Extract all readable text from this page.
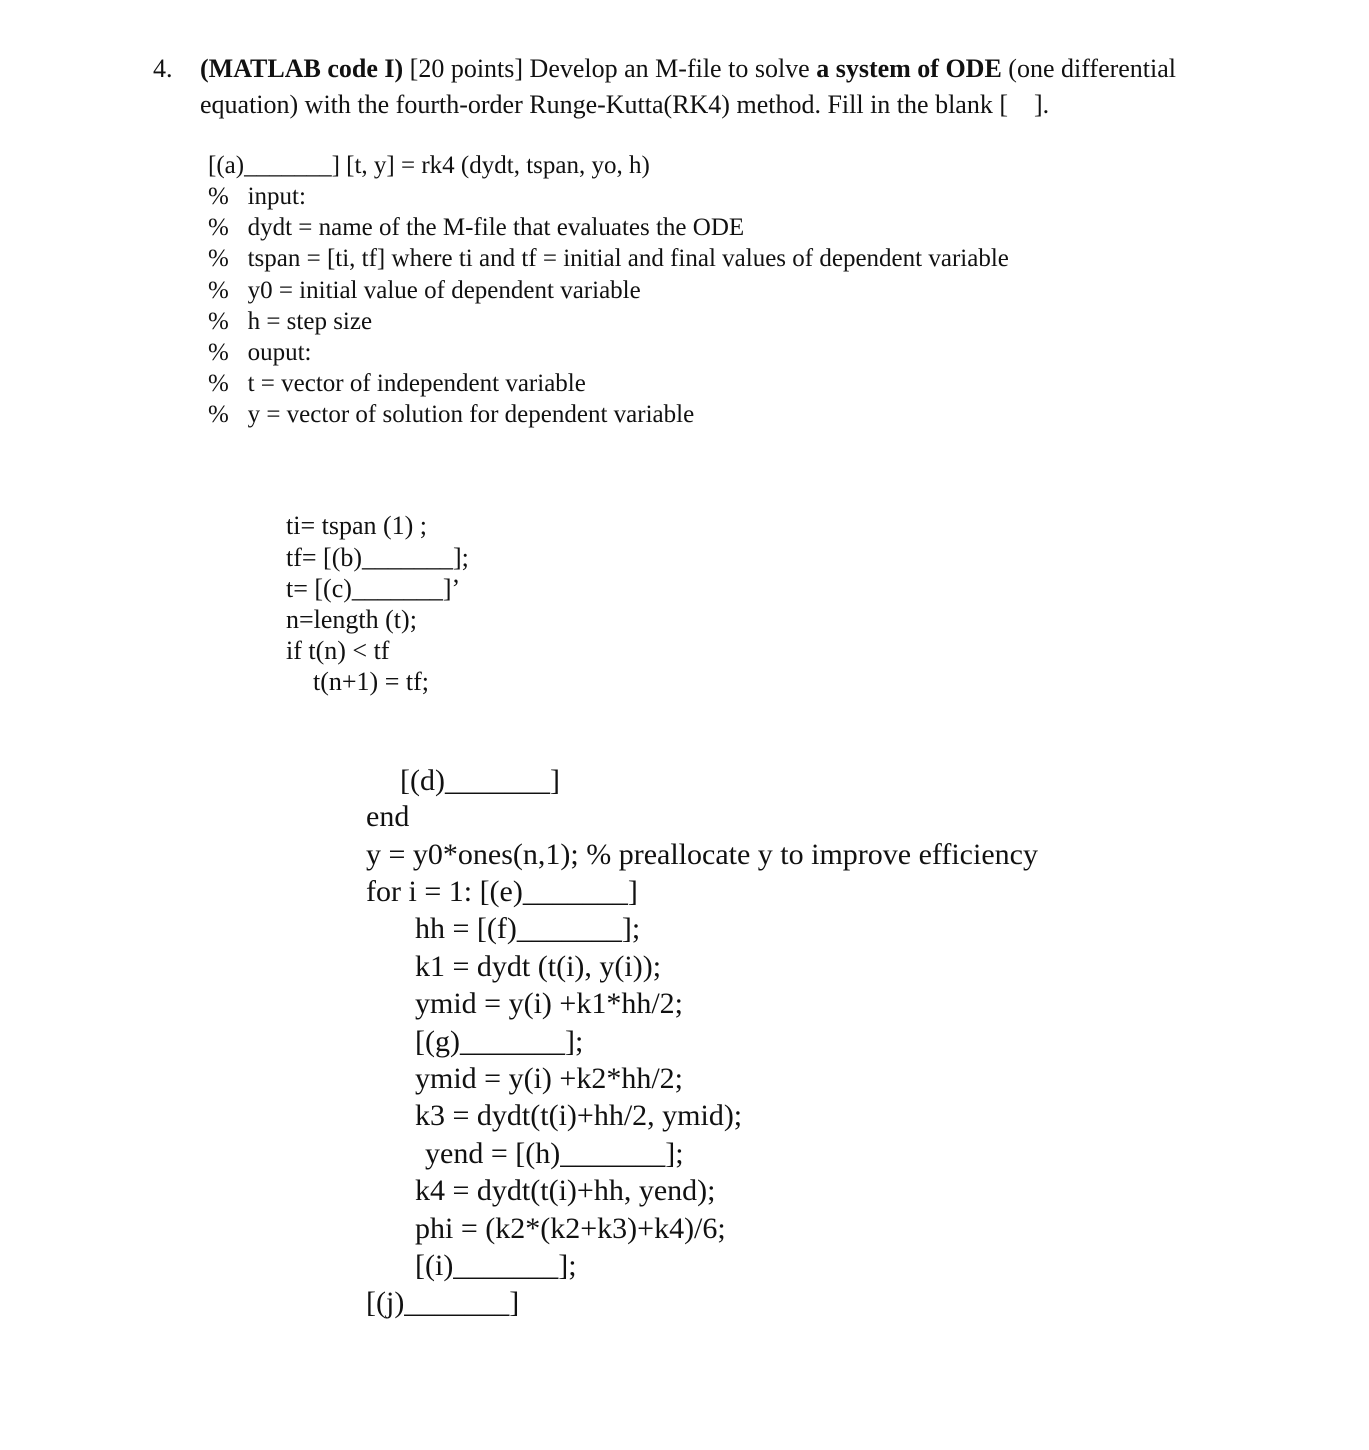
4. (MATLAB code I) [20 points] Develop an M-file to solve a system of ODE (one differential
equation) with the fourth-order Runge-Kutta(RK4) method. Fill in the blank [    ].
[(a)_______] [t, y] = rk4 (dydt, tspan, yo, h)
%   input:
%   dydt = name of the M-file that evaluates the ODE
%   tspan = [ti, tf] where ti and tf = initial and final values of dependent variable
%   y0 = initial value of dependent variable
%   h = step size
%   ouput:
%   t = vector of independent variable
%   y = vector of solution for dependent variable
ti= tspan (1) ;
tf= [(b)_______];
t= [(c)_______]’
n=length (t);
if t(n) < tf
t(n+1) = tf;
[(d)_______]
end
y = y0*ones(n,1); % preallocate y to improve efficiency
for i = 1: [(e)_______]
hh = [(f)_______];
k1 = dydt (t(i), y(i));
ymid = y(i) +k1*hh/2;
[(g)_______];
ymid = y(i) +k2*hh/2;
k3 = dydt(t(i)+hh/2, ymid);
yend = [(h)_______];
k4 = dydt(t(i)+hh, yend);
phi = (k2*(k2+k3)+k4)/6;
[(i)_______];
[(j)_______]
